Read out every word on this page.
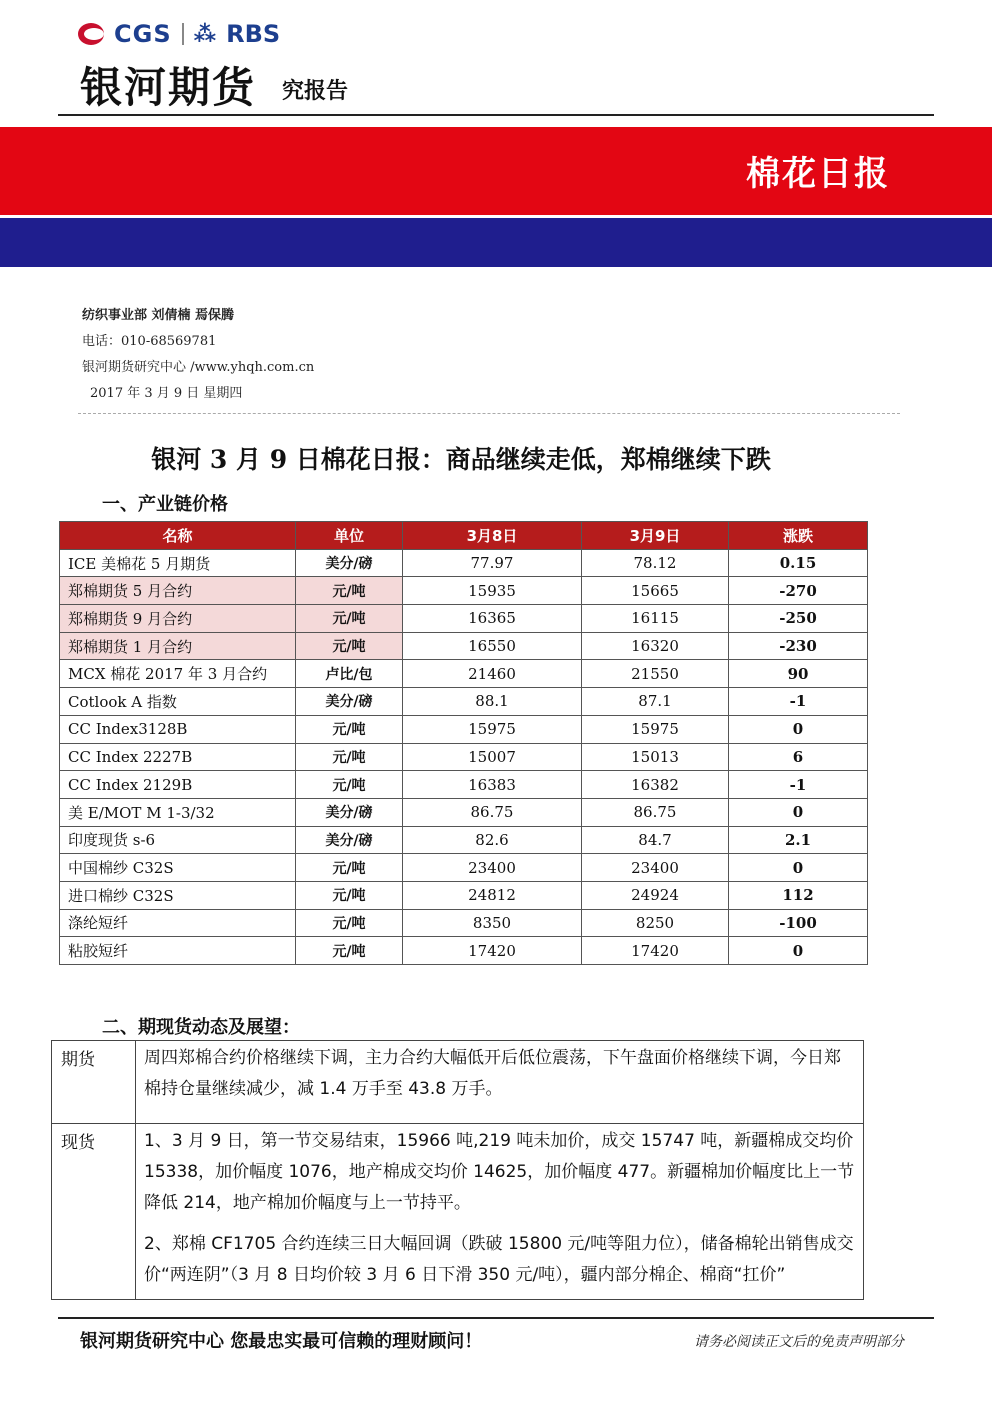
CGS ⁂ RBS
银河期货 究报告
棉花日报
纺织事业部 刘倩楠 焉保腾
电话：010-68569781
银河期货研究中心 /www.yhqh.com.cn
2017 年 3 月 9 日 星期四
银河 3 月 9 日棉花日报：商品继续走低，郑棉继续下跌
一、产业链价格
名称	单位	3月8日	3月9日	涨跌
ICE 美棉花 5 月期货	美分/磅	77.97	78.12	0.15
郑棉期货 5 月合约	元/吨	15935	15665	-270
郑棉期货 9 月合约	元/吨	16365	16115	-250
郑棉期货 1 月合约	元/吨	16550	16320	-230
MCX 棉花 2017 年 3 月合约	卢比/包	21460	21550	90
Cotlook A 指数	美分/磅	88.1	87.1	-1
CC Index3128B	元/吨	15975	15975	0
CC Index 2227B	元/吨	15007	15013	6
CC Index 2129B	元/吨	16383	16382	-1
美 E/MOT M 1-3/32	美分/磅	86.75	86.75	0
印度现货 s-6	美分/磅	82.6	84.7	2.1
中国棉纱 C32S	元/吨	23400	23400	0
进口棉纱 C32S	元/吨	24812	24924	112
涤纶短纤	元/吨	8350	8250	-100
粘胶短纤	元/吨	17420	17420	0
二、期现货动态及展望：
期货	周四郑棉合约价格继续下调，主力合约大幅低开后低位震荡，下午盘面价格继续下调，今日郑棉持仓量继续减少，减 1.4 万手至 43.8 万手。

现货	1、3 月 9 日，第一节交易结束，15966 吨,219 吨未加价，成交 15747 吨，新疆棉成交均价 15338，加价幅度 1076，地产棉成交均价 14625，加价幅度 477。新疆棉加价幅度比上一节降低 214，地产棉加价幅度与上一节持平。

2、郑棉 CF1705 合约连续三日大幅回调（跌破 15800 元/吨等阻力位），储备棉轮出销售成交价“两连阴”（3 月 8 日均价较 3 月 6 日下滑 350 元/吨），疆内部分棉企、棉商“扛价”

银河期货研究中心 您最忠实最可信赖的理财顾问！	请务必阅读正文后的免责声明部分
